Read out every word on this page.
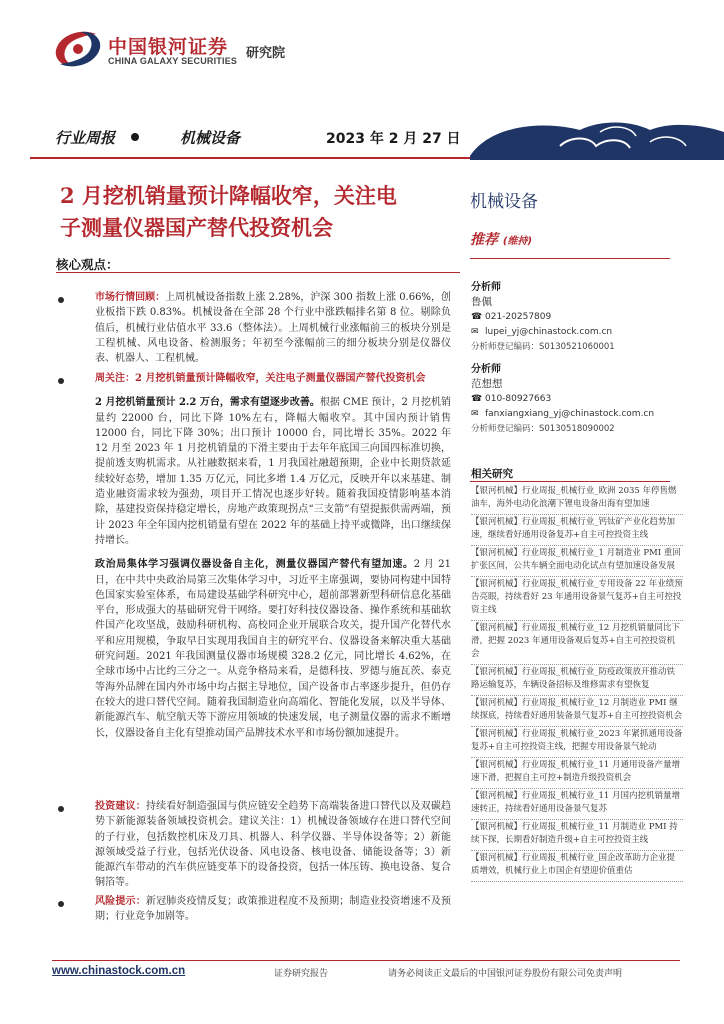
中国银河证券
CHINA GALAXY SECURITIES 研究院
行业周报	机械设备	2023 年 2 月 27 日
2 月挖机销量预计降幅收窄，关注电
子测量仪器国产替代投资机会
核心观点：
市场行情回顾：上周机械设备指数上涨 2.28%，沪深 300 指数上涨 0.66%，创业板指下跌 0.83%。机械设备在全部 28 个行业中涨跌幅排名第 8 位。剔除负值后，机械行业估值水平 33.6（整体法）。上周机械行业涨幅前三的板块分别是工程机械、风电设备、检测服务；年初至今涨幅前三的细分板块分别是仪器仪表、机器人、工程机械。
周关注：2 月挖机销量预计降幅收窄，关注电子测量仪器国产替代投资机会
2 月挖机销量预计 2.2 万台，需求有望逐步改善。根据 CME 预计，2 月挖机销量约 22000 台，同比下降 10%左右，降幅大幅收窄。其中国内预计销售 12000 台，同比下降 30%；出口预计 10000 台，同比增长 35%。2022 年 12 月至 2023 年 1 月挖机销量的下滑主要由于去年年底国三向国四标准切换，提前透支购机需求。从社融数据来看，1 月我国社融超预期，企业中长期贷款延续较好态势，增加 1.35 万亿元，同比多增 1.4 万亿元，反映开年以来基建、制造业融资需求较为强劲，项目开工情况也逐步好转。随着我国疫情影响基本消除，基建投资保持稳定增长，房地产政策现拐点“三支箭”有望提振供需两端，预计 2023 年全年国内挖机销量有望在 2022 年的基础上持平或微降，出口继续保持增长。
政治局集体学习强调仪器设备自主化，测量仪器国产替代有望加速。2 月 21 日，在中共中央政治局第三次集体学习中，习近平主席强调，要协同构建中国特色国家实验室体系，布局建设基础学科研究中心，超前部署新型科研信息化基础平台，形成强大的基础研究骨干网络。要打好科技仪器设备、操作系统和基础软件国产化攻坚战，鼓励科研机构、高校同企业开展联合攻关，提升国产化替代水平和应用规模，争取早日实现用我国自主的研究平台、仪器设备来解决重大基础研究问题。2021 年我国测量仪器市场规模 328.2 亿元，同比增长 4.62%，在全球市场中占比约三分之一。从竞争格局来看，是德科技、罗德与施瓦茨、泰克等海外品牌在国内外市场中均占据主导地位，国产设备市占率逐步提升，但仍存在较大的进口替代空间。随着我国制造业向高端化、智能化发展，以及半导体、新能源汽车、航空航天等下游应用领域的快速发展，电子测量仪器的需求不断增长，仪器设备自主化有望推动国产品牌技术水平和市场份额加速提升。
投资建议：持续看好制造强国与供应链安全趋势下高端装备进口替代以及双碳趋势下新能源装备领域投资机会。建议关注：1）机械设备领域存在进口替代空间的子行业，包括数控机床及刀具、机器人、科学仪器、半导体设备等；2）新能源领域受益子行业，包括光伏设备、风电设备、核电设备、储能设备等；3）新能源汽车带动的汽车供应链变革下的设备投资，包括一体压铸、换电设备、复合铜箔等。
风险提示：新冠肺炎疫情反复；政策推进程度不及预期；制造业投资增速不及预期；行业竞争加剧等。
机械设备
推荐 (维持)
分析师
鲁佩
☎ 021-20257809
✉ lupei_yj@chinastock.com.cn
分析师登记编码：S0130521060001
分析师
范想想
☎ 010-80927663
✉ fanxiangxiang_yj@chinastock.com.cn
分析师登记编码：S0130518090002
相关研究
【银河机械】行业周报_机械行业_欧洲 2035 年停售燃油车，海外电动化浪潮下锂电设备出海有望加速
【银河机械】行业周报_机械行业_钙钛矿产业化趋势加速，继续看好通用设备复苏+自主可控投资主线
【银河机械】行业周报_机械行业_1 月制造业 PMI 重回扩张区间，公共车辆全面电动化试点有望加速设备发展
【银河机械】行业周报_机械行业_专用设备 22 年业绩预告亮眼，持续看好 23 年通用设备景气复苏+自主可控投资主线
【银河机械】行业周报_机械行业_12 月挖机销量同比下滑，把握 2023 年通用设备观后复苏+自主可控投资机会
【银河机械】行业周报_机械行业_防疫政策放开推动铁路运输复苏，车辆设备招标及维修需求有望恢复
【银河机械】行业周报_机械行业_12 月制造业 PMI 继续探底，持续看好通用装备景气复苏+自主可控投资机会
【银河机械】行业周报_机械行业_2023 年紧抓通用设备复苏+自主可控投资主线，把握专用设备景气轮动
【银河机械】行业周报_机械行业_11 月通用设备产量增速下滑，把握自主可控+制造升级投资机会
【银河机械】行业周报_机械行业_11 月国内挖机销量增速转正，持续看好通用设备景气复苏
【银河机械】行业周报_机械行业_11 月制造业 PMI 持续下探，长期看好制造升级+自主可控投资主线
【银河机械】行业周报_机械行业_国企改革助力企业提质增效，机械行业上市国企有望迎价值重估
www.chinastock.com.cn	证券研究报告	请务必阅读正文最后的中国银河证券股份有限公司免责声明
